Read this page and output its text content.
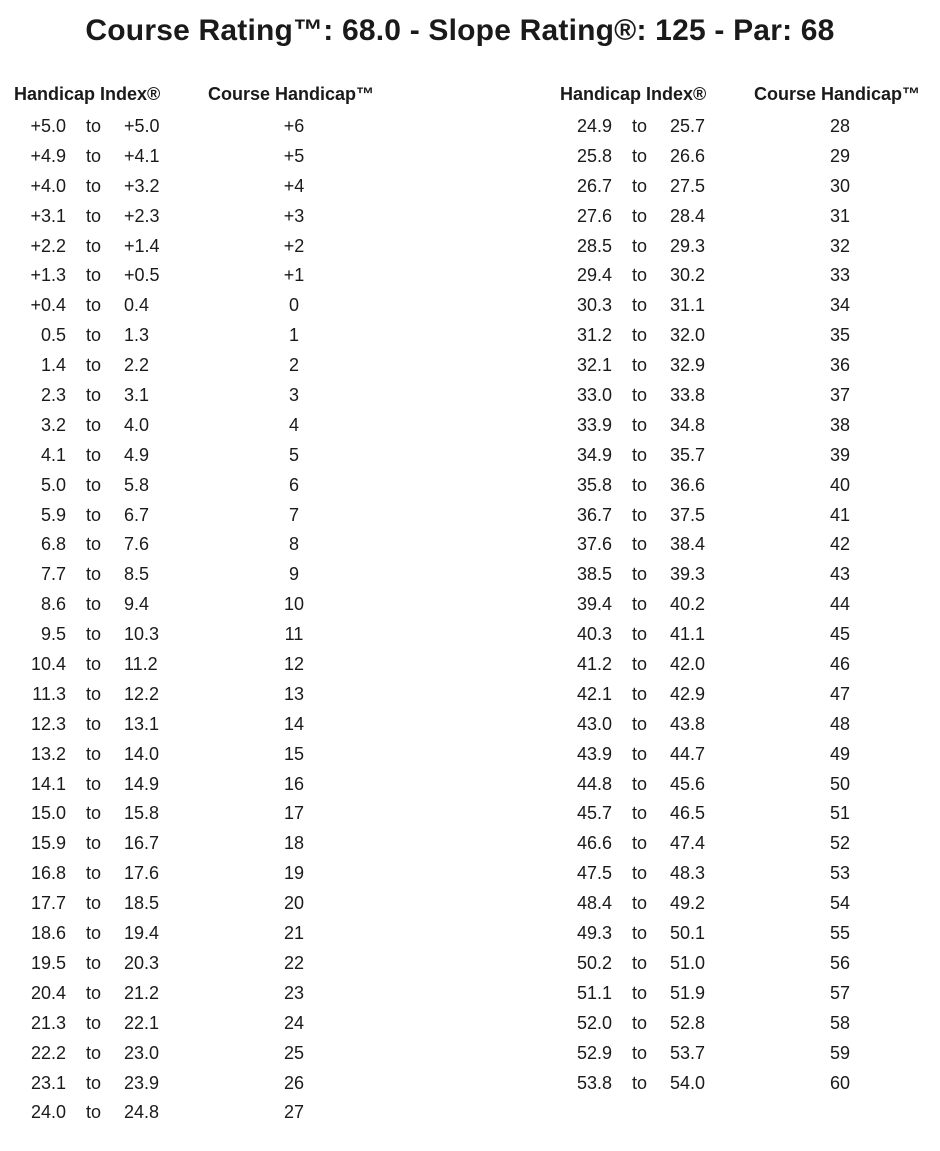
Course Rating™: 68.0 - Slope Rating®: 125 - Par: 68
Handicap Index®	Course Handicap™
+5.0 to +5.0	+6
+4.9 to +4.1	+5
+4.0 to +3.2	+4
+3.1 to +2.3	+3
+2.2 to +1.4	+2
+1.3 to +0.5	+1
+0.4 to 0.4	0
0.5 to 1.3	1
1.4 to 2.2	2
2.3 to 3.1	3
3.2 to 4.0	4
4.1 to 4.9	5
5.0 to 5.8	6
5.9 to 6.7	7
6.8 to 7.6	8
7.7 to 8.5	9
8.6 to 9.4	10
9.5 to 10.3	11
10.4 to 11.2	12
11.3 to 12.2	13
12.3 to 13.1	14
13.2 to 14.0	15
14.1 to 14.9	16
15.0 to 15.8	17
15.9 to 16.7	18
16.8 to 17.6	19
17.7 to 18.5	20
18.6 to 19.4	21
19.5 to 20.3	22
20.4 to 21.2	23
21.3 to 22.1	24
22.2 to 23.0	25
23.1 to 23.9	26
24.0 to 24.8	27
Handicap Index®	Course Handicap™
24.9 to 25.7	28
25.8 to 26.6	29
26.7 to 27.5	30
27.6 to 28.4	31
28.5 to 29.3	32
29.4 to 30.2	33
30.3 to 31.1	34
31.2 to 32.0	35
32.1 to 32.9	36
33.0 to 33.8	37
33.9 to 34.8	38
34.9 to 35.7	39
35.8 to 36.6	40
36.7 to 37.5	41
37.6 to 38.4	42
38.5 to 39.3	43
39.4 to 40.2	44
40.3 to 41.1	45
41.2 to 42.0	46
42.1 to 42.9	47
43.0 to 43.8	48
43.9 to 44.7	49
44.8 to 45.6	50
45.7 to 46.5	51
46.6 to 47.4	52
47.5 to 48.3	53
48.4 to 49.2	54
49.3 to 50.1	55
50.2 to 51.0	56
51.1 to 51.9	57
52.0 to 52.8	58
52.9 to 53.7	59
53.8 to 54.0	60
